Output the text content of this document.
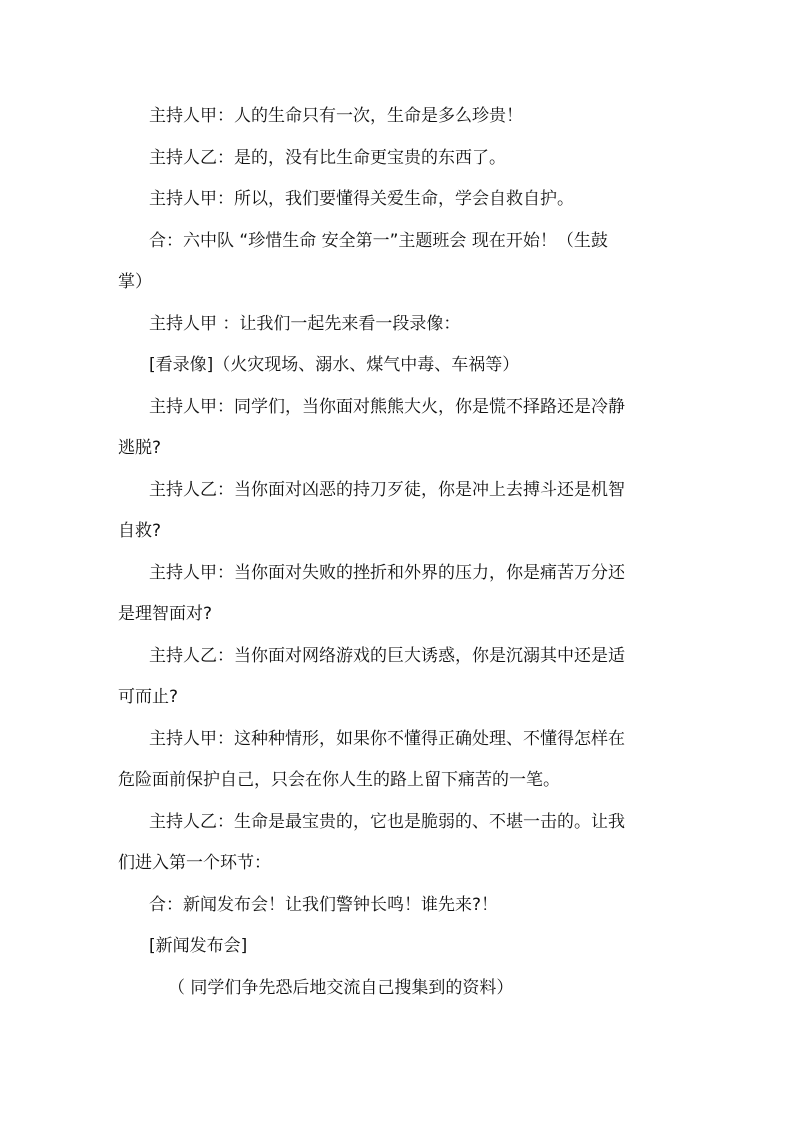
主持人甲：人的生命只有一次，生命是多么珍贵！
主持人乙：是的，没有比生命更宝贵的东西了。
主持人甲：所以，我们要懂得关爱生命，学会自救自护。
合：六中队 “珍惜生命 安全第一”主题班会 现在开始！（生鼓
掌）
主持人甲 ：让我们一起先来看一段录像：
[看录像]（火灾现场、溺水、煤气中毒、车祸等）
主持人甲：同学们，当你面对熊熊大火，你是慌不择路还是冷静
逃脱?
主持人乙：当你面对凶恶的持刀歹徒，你是冲上去搏斗还是机智
自救?
主持人甲：当你面对失败的挫折和外界的压力，你是痛苦万分还
是理智面对?
主持人乙：当你面对网络游戏的巨大诱惑，你是沉溺其中还是适
可而止?
主持人甲：这种种情形，如果你不懂得正确处理、不懂得怎样在
危险面前保护自己，只会在你人生的路上留下痛苦的一笔。
主持人乙：生命是最宝贵的，它也是脆弱的、不堪一击的。让我
们进入第一个环节：
合：新闻发布会！让我们警钟长鸣！谁先来?！
[新闻发布会]
（ 同学们争先恐后地交流自己搜集到的资料）
